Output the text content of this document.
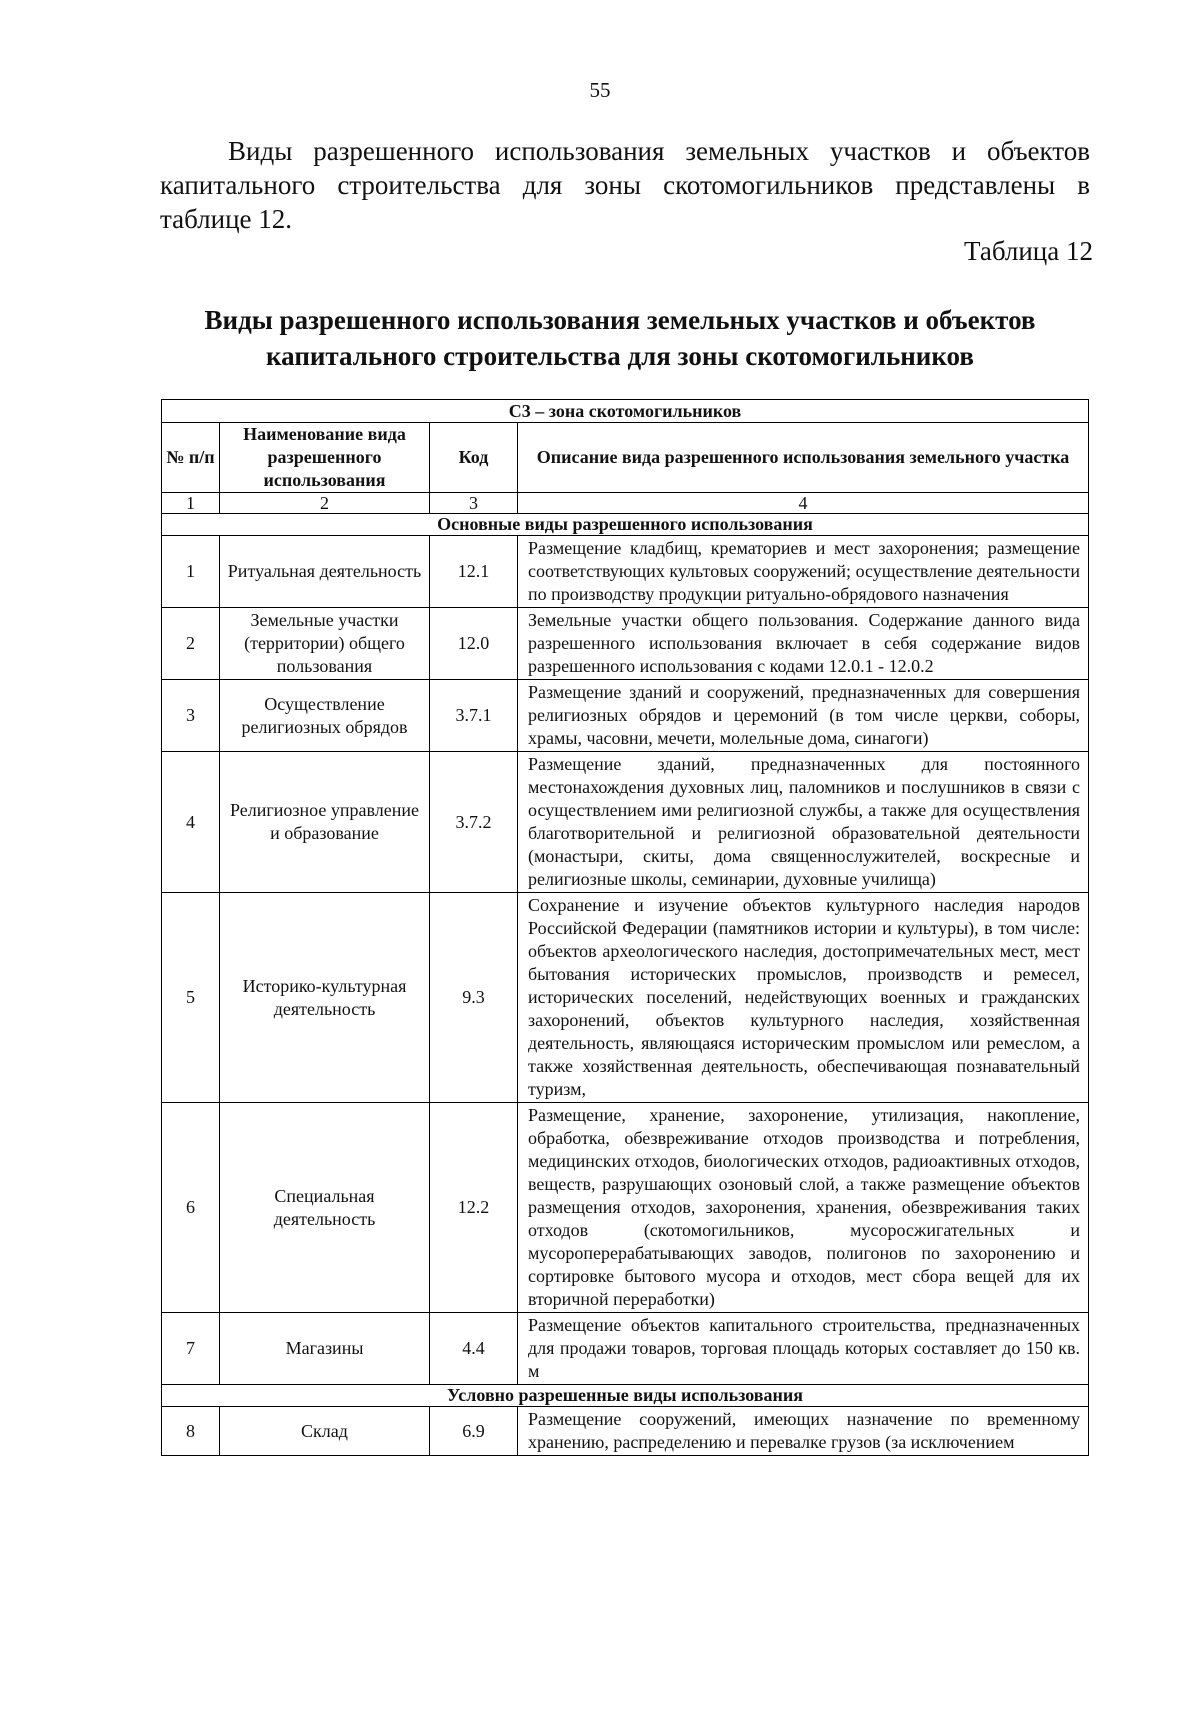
55

Виды разрешенного использования земельных участков и объектов капитального строительства для зоны скотомогильников представлены в таблице 12.

Таблица 12
Виды разрешенного использования земельных участков и объектов
капитального строительства для зоны скотомогильников
С3 – зона скотомогильников			
№ п/п	Наименование вида разрешенного использования	Код	Описание вида разрешенного использования земельного участка
1	2	3	4
Основные виды разрешенного использования			
1	Ритуальная деятельность	12.1	Размещение кладбищ, крематориев и мест захоронения; размещение соответствующих культовых сооружений; осуществление деятельности по производству продукции ритуально-обрядового назначения
2	Земельные участки (территории) общего пользования	12.0	Земельные участки общего пользования. Содержание данного вида разрешенного использования включает в себя содержание видов разрешенного использования с кодами 12.0.1 - 12.0.2
3	Осуществление религиозных обрядов	3.7.1	Размещение зданий и сооружений, предназначенных для совершения религиозных обрядов и церемоний (в том числе церкви, соборы, храмы, часовни, мечети, молельные дома, синагоги)
4	Религиозное управление и образование	3.7.2	Размещение зданий, предназначенных для постоянного местонахождения духовных лиц, паломников и послушников в связи с осуществлением ими религиозной службы, а также для осуществления благотворительной и религиозной образовательной деятельности (монастыри, скиты, дома священнослужителей, воскресные и религиозные школы, семинарии, духовные училища)
5	Историко-культурная деятельность	9.3	Сохранение и изучение объектов культурного наследия народов Российской Федерации (памятников истории и культуры), в том числе: объектов археологического наследия, достопримечательных мест, мест бытования исторических промыслов, производств и ремесел, исторических поселений, недействующих военных и гражданских захоронений, объектов культурного наследия, хозяйственная деятельность, являющаяся историческим промыслом или ремеслом, а также хозяйственная деятельность, обеспечивающая познавательный туризм,
6	Специальная деятельность	12.2	Размещение, хранение, захоронение, утилизация, накопление, обработка, обезвреживание отходов производства и потребления, медицинских отходов, биологических отходов, радиоактивных отходов, веществ, разрушающих озоновый слой, а также размещение объектов размещения отходов, захоронения, хранения, обезвреживания таких отходов (скотомогильников, мусоросжигательных и мусороперерабатывающих заводов, полигонов по захоронению и сортировке бытового мусора и отходов, мест сбора вещей для их вторичной переработки)
7	Магазины	4.4	Размещение объектов капитального строительства, предназначенных для продажи товаров, торговая площадь которых составляет до 150 кв. м
Условно разрешенные виды использования			
8	Склад	6.9	Размещение сооружений, имеющих назначение по временному хранению, распределению и перевалке грузов (за исключением
